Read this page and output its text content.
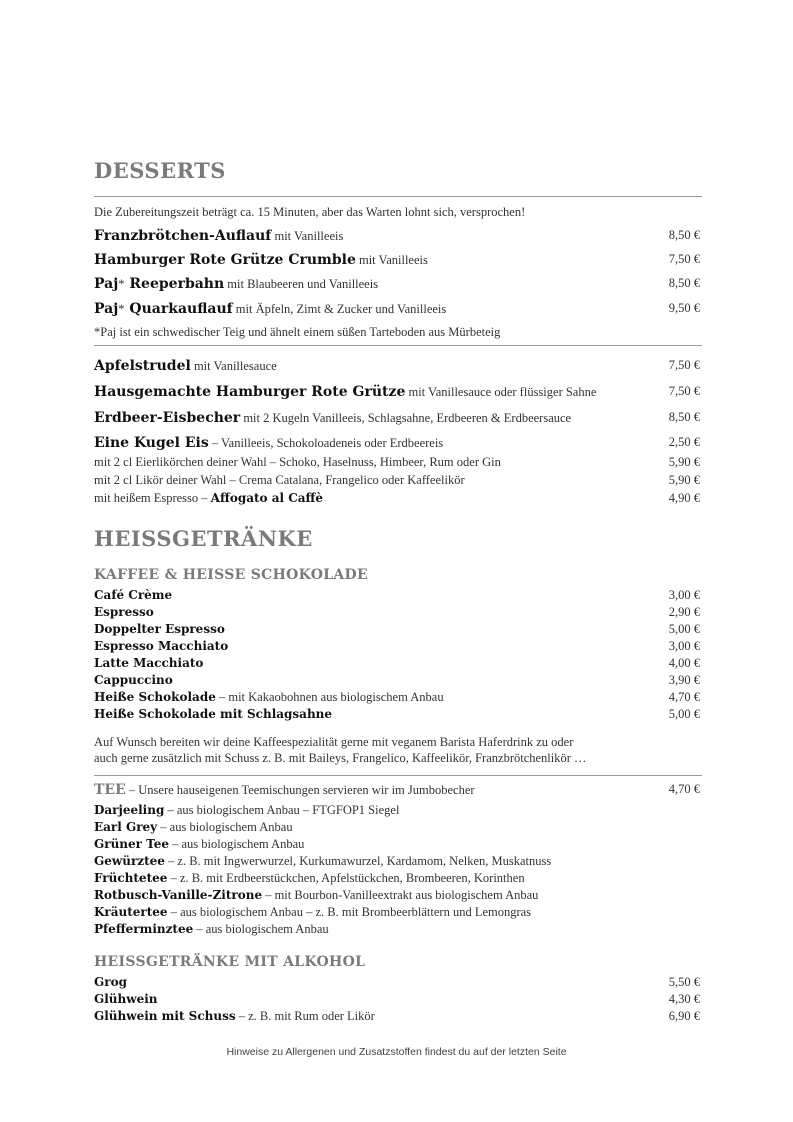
DESSERTS
Die Zubereitungszeit beträgt ca. 15 Minuten, aber das Warten lohnt sich, versprochen!
Franzbrötchen-Auflauf mit Vanilleeis	8,50 €
Hamburger Rote Grütze Crumble mit Vanilleeis	7,50 €
Paj* Reeperbahn mit Blaubeeren und Vanilleeis	8,50 €
Paj* Quarkauflauf mit Äpfeln, Zimt & Zucker und Vanilleeis	9,50 €
*Paj ist ein schwedischer Teig und ähnelt einem süßen Tarteboden aus Mürbeteig
Apfelstrudel mit Vanillesauce	7,50 €
Hausgemachte Hamburger Rote Grütze mit Vanillesauce oder flüssiger Sahne	7,50 €
Erdbeer-Eisbecher mit 2 Kugeln Vanilleeis, Schlagsahne, Erdbeeren & Erdbeersauce	8,50 €
Eine Kugel Eis – Vanilleeis, Schokoloadeneis oder Erdbeereis	2,50 €
mit 2 cl Eierlikörchen deiner Wahl – Schoko, Haselnuss, Himbeer, Rum oder Gin	5,90 €
mit 2 cl Likör deiner Wahl – Crema Catalana, Frangelico oder Kaffeelikör	5,90 €
mit heißem Espresso – Affogato al Caffè	4,90 €
HEISSGETRÄNKE
KAFFEE & HEISSE SCHOKOLADE
Café Crème	3,00 €
Espresso	2,90 €
Doppelter Espresso	5,00 €
Espresso Macchiato	3,00 €
Latte Macchiato	4,00 €
Cappuccino	3,90 €
Heiße Schokolade – mit Kakaobohnen aus biologischem Anbau	4,70 €
Heiße Schokolade mit Schlagsahne	5,00 €
Auf Wunsch bereiten wir deine Kaffeespezialität gerne mit veganem Barista Haferdrink zu oder
auch gerne zusätzlich mit Schuss z. B. mit Baileys, Frangelico, Kaffeelikör, Franzbrötchenlikör …
TEE – Unsere hauseigenen Teemischungen servieren wir im Jumbobecher	4,70 €
Darjeeling – aus biologischem Anbau – FTGFOP1 Siegel
Earl Grey – aus biologischem Anbau
Grüner Tee – aus biologischem Anbau
Gewürztee – z. B. mit Ingwerwurzel, Kurkumawurzel, Kardamom, Nelken, Muskatnuss
Früchtetee – z. B. mit Erdbeerstückchen, Apfelstückchen, Brombeeren, Korinthen
Rotbusch-Vanille-Zitrone – mit Bourbon-Vanilleextrakt aus biologischem Anbau
Kräutertee – aus biologischem Anbau – z. B. mit Brombeerblättern und Lemongras
Pfefferminztee – aus biologischem Anbau
HEISSGETRÄNKE MIT ALKOHOL
Grog	5,50 €
Glühwein	4,30 €
Glühwein mit Schuss – z. B. mit Rum oder Likör	6,90 €
Hinweise zu Allergenen und Zusatzstoffen findest du auf der letzten Seite
